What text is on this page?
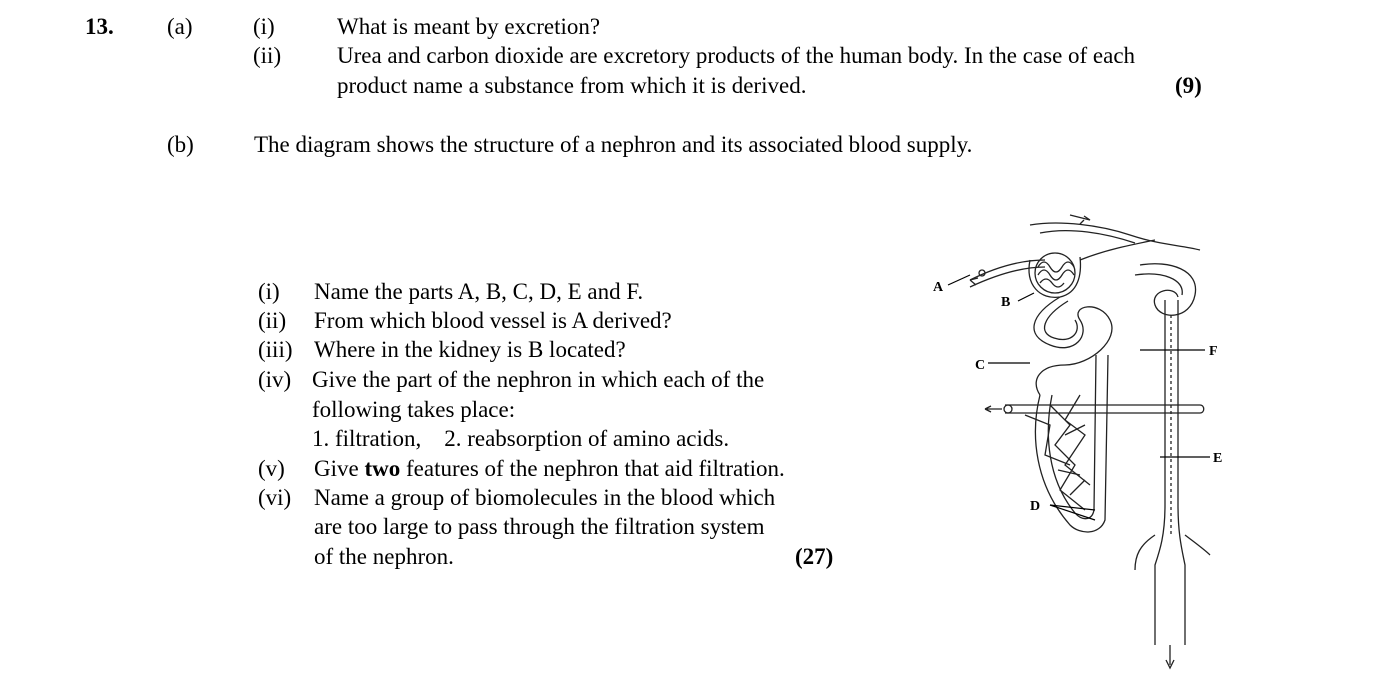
13. (a)	(i)	What is meant by excretion?
(ii) Urea and carbon dioxide are excretory products of the human body. In the case of each
product name a substance from which it is derived.	(9)
(b)	The diagram shows the structure of a nephron and its associated blood supply.
(i) Name the parts A, B, C, D, E and F.
(ii) From which blood vessel is A derived?
(iii) Where in the kidney is B located?
(iv) Give the part of the nephron in which each of the
following takes place:
1. filtration,    2. reabsorption of amino acids.
(v) Give two features of the nephron that aid filtration.
(vi) Name a group of biomolecules in the blood which
are too large to pass through the filtration system
of the nephron.	(27)
A
B
C
D
F
E
